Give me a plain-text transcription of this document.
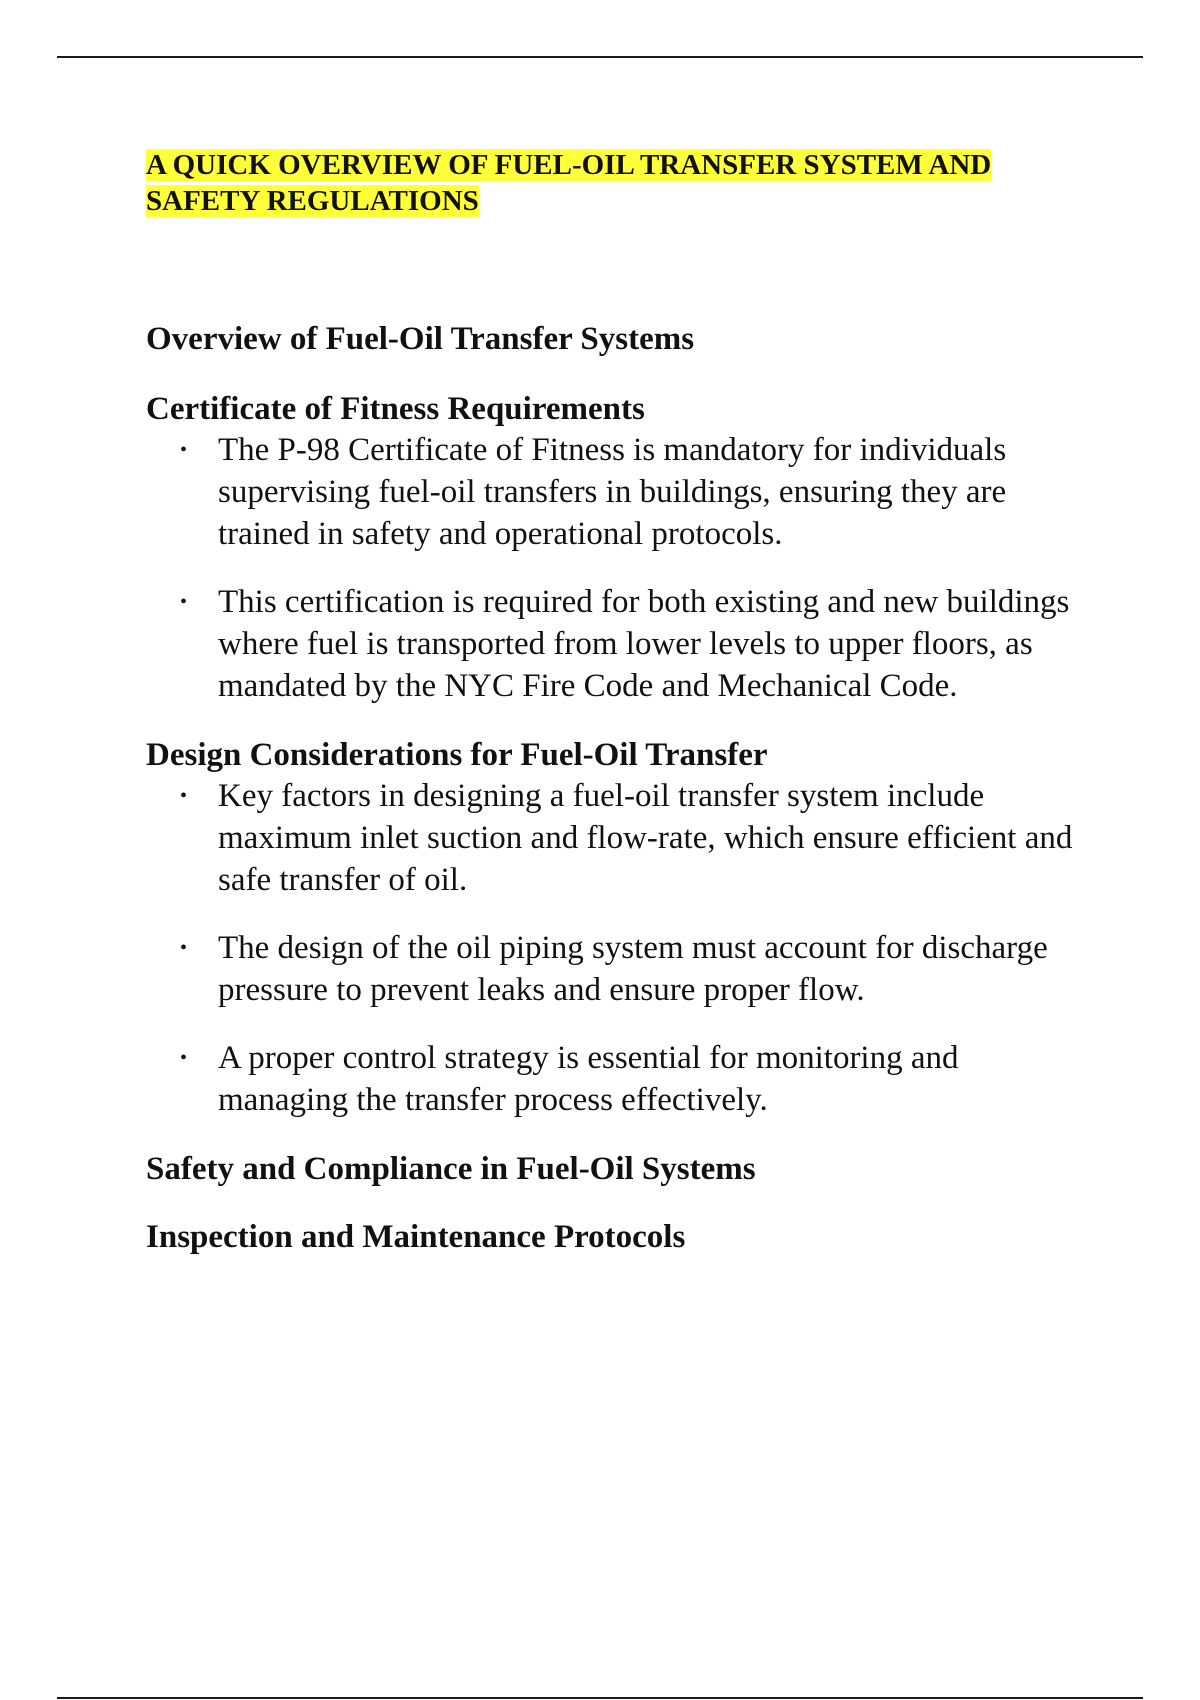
A QUICK OVERVIEW OF FUEL-OIL TRANSFER SYSTEM AND SAFETY REGULATIONS
Overview of Fuel-Oil Transfer Systems
Certificate of Fitness Requirements
• The P-98 Certificate of Fitness is mandatory for individuals supervising fuel-oil transfers in buildings, ensuring they are trained in safety and operational protocols.
• This certification is required for both existing and new buildings where fuel is transported from lower levels to upper floors, as mandated by the NYC Fire Code and Mechanical Code.
Design Considerations for Fuel-Oil Transfer
• Key factors in designing a fuel-oil transfer system include maximum inlet suction and flow-rate, which ensure efficient and safe transfer of oil.
• The design of the oil piping system must account for discharge pressure to prevent leaks and ensure proper flow.
• A proper control strategy is essential for monitoring and managing the transfer process effectively.
Safety and Compliance in Fuel-Oil Systems
Inspection and Maintenance Protocols
